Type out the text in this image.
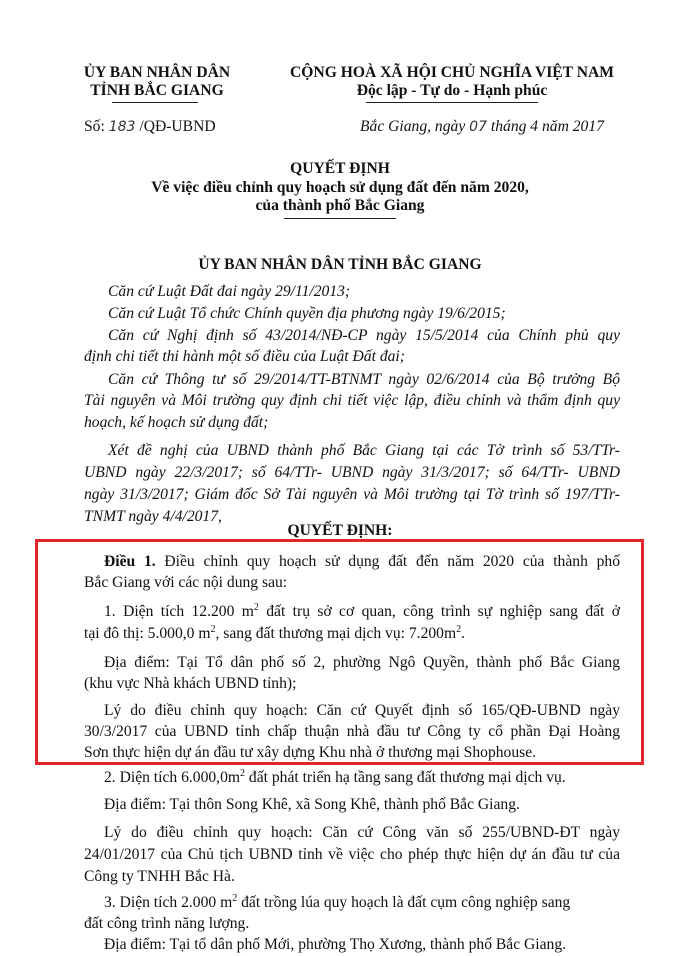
ỦY BAN NHÂN DÂN
TỈNH BẮC GIANG
CỘNG HOÀ XÃ HỘI CHỦ NGHĨA VIỆT NAM
Độc lập - Tự do - Hạnh phúc
Số: 183 /QĐ-UBND	Bắc Giang, ngày 07 tháng 4 năm 2017
QUYẾT ĐỊNH
Về việc điều chỉnh quy hoạch sử dụng đất đến năm 2020,
của thành phố Bắc Giang
ỦY BAN NHÂN DÂN TỈNH BẮC GIANG
Căn cứ Luật Đất đai ngày 29/11/2013;
Căn cứ Luật Tổ chức Chính quyền địa phương ngày 19/6/2015;
Căn cứ Nghị định số 43/2014/NĐ-CP ngày 15/5/2014 của Chính phủ quy
định chi tiết thi hành một số điều của Luật Đất đai;
Căn cứ Thông tư số 29/2014/TT-BTNMT ngày 02/6/2014 của Bộ trưởng Bộ
Tài nguyên và Môi trường quy định chi tiết việc lập, điều chỉnh và thẩm định quy
hoạch, kế hoạch sử dụng đất;
Xét đề nghị của UBND thành phố Bắc Giang tại các Tờ trình số 53/TTr-
UBND ngày 22/3/2017; số 64/TTr- UBND ngày 31/3/2017; số 64/TTr- UBND
ngày 31/3/2017; Giám đốc Sở Tài nguyên và Môi trường tại Tờ trình số 197/TTr-
TNMT ngày 4/4/2017,
QUYẾT ĐỊNH:
Điều 1. Điều chỉnh quy hoạch sử dụng đất đến năm 2020 của thành phố
Bắc Giang với các nội dung sau:
1. Diện tích 12.200 $m^2$ đất trụ sở cơ quan, công trình sự nghiệp sang đất ở
tại đô thị: 5.000,0 $m^2$, sang đất thương mại dịch vụ: $7.200m^2$.
Địa điểm: Tại Tổ dân phố số 2, phường Ngô Quyền, thành phố Bắc Giang
(khu vực Nhà khách UBND tỉnh);
Lý do điều chỉnh quy hoạch: Căn cứ Quyết định số 165/QĐ-UBND ngày
30/3/2017 của UBND tỉnh chấp thuận nhà đầu tư Công ty cổ phần Đại Hoàng
Sơn thực hiện dự án đầu tư xây dựng Khu nhà ở thương mại Shophouse.
2. Diện tích $6.000,0m^2$ đất phát triển hạ tầng sang đất thương mại dịch vụ.
Địa điểm: Tại thôn Song Khê, xã Song Khê, thành phố Bắc Giang.
Lý do điều chỉnh quy hoạch: Căn cứ Công văn số 255/UBND-ĐT ngày
24/01/2017 của Chủ tịch UBND tỉnh về việc cho phép thực hiện dự án đầu tư của
Công ty TNHH Bắc Hà.
3. Diện tích 2.000 $m^2$ đất trồng lúa quy hoạch là đất cụm công nghiệp sang
đất công trình năng lượng.
Địa điểm: Tại tổ dân phố Mới, phường Thọ Xương, thành phố Bắc Giang.
